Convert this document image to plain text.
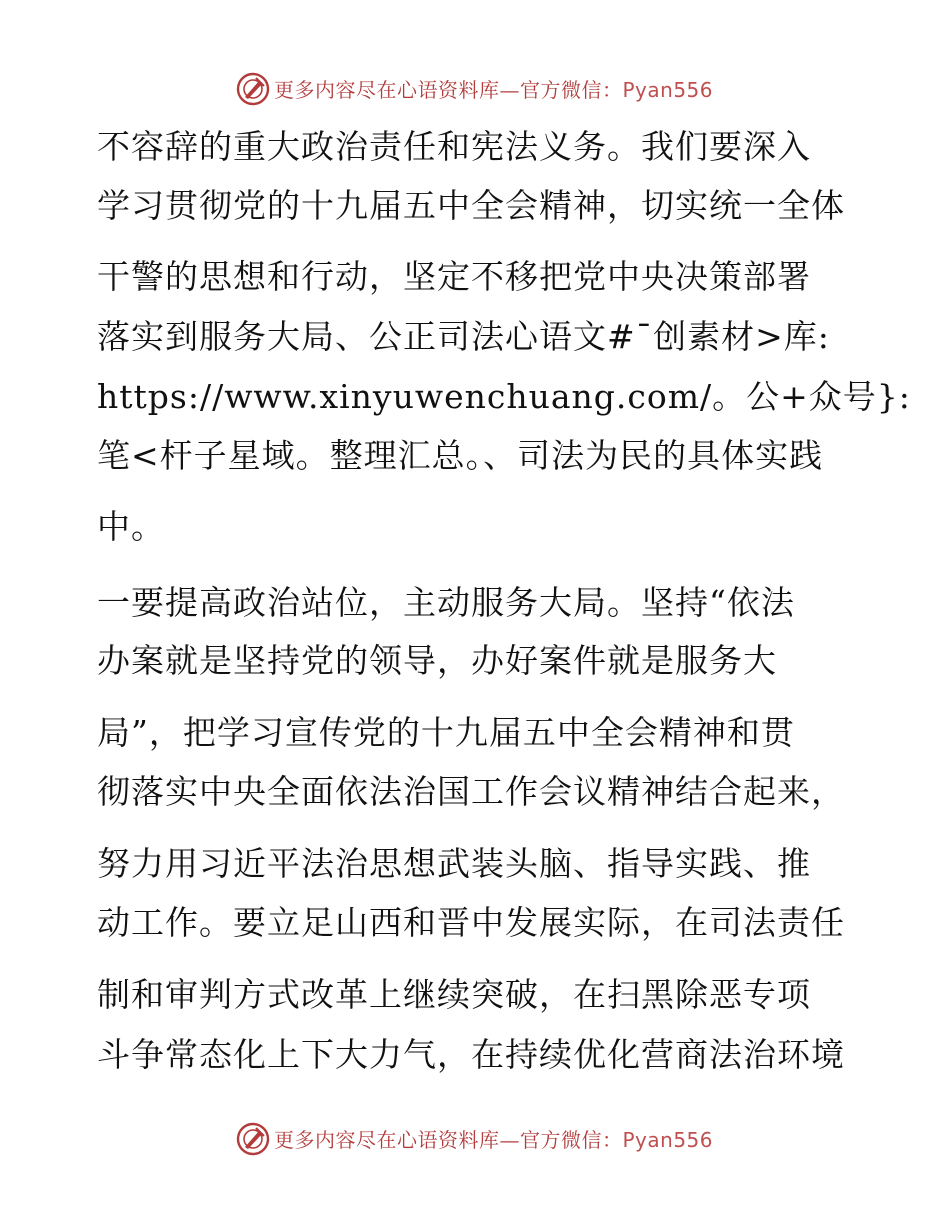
更多内容尽在心语资料库—官方微信：Pyan556
不容辞的重大政治责任和宪法义务。我们要深入
学习贯彻党的十九届五中全会精神，切实统一全体
干警的思想和行动，坚定不移把党中央决策部署
落实到服务大局、公正司法心语文#¯创素材>库:
https://www.xinyuwenchuang.com/。公+众号}:
笔<杆子星域。整理汇总。、司法为民的具体实践
中。
一要提高政治站位，主动服务大局。坚持“依法
办案就是坚持党的领导，办好案件就是服务大
局”，把学习宣传党的十九届五中全会精神和贯
彻落实中央全面依法治国工作会议精神结合起来，
努力用习近平法治思想武装头脑、指导实践、推
动工作。要立足山西和晋中发展实际，在司法责任
制和审判方式改革上继续突破，在扫黑除恶专项
斗争常态化上下大力气，在持续优化营商法治环境
更多内容尽在心语资料库—官方微信：Pyan556
